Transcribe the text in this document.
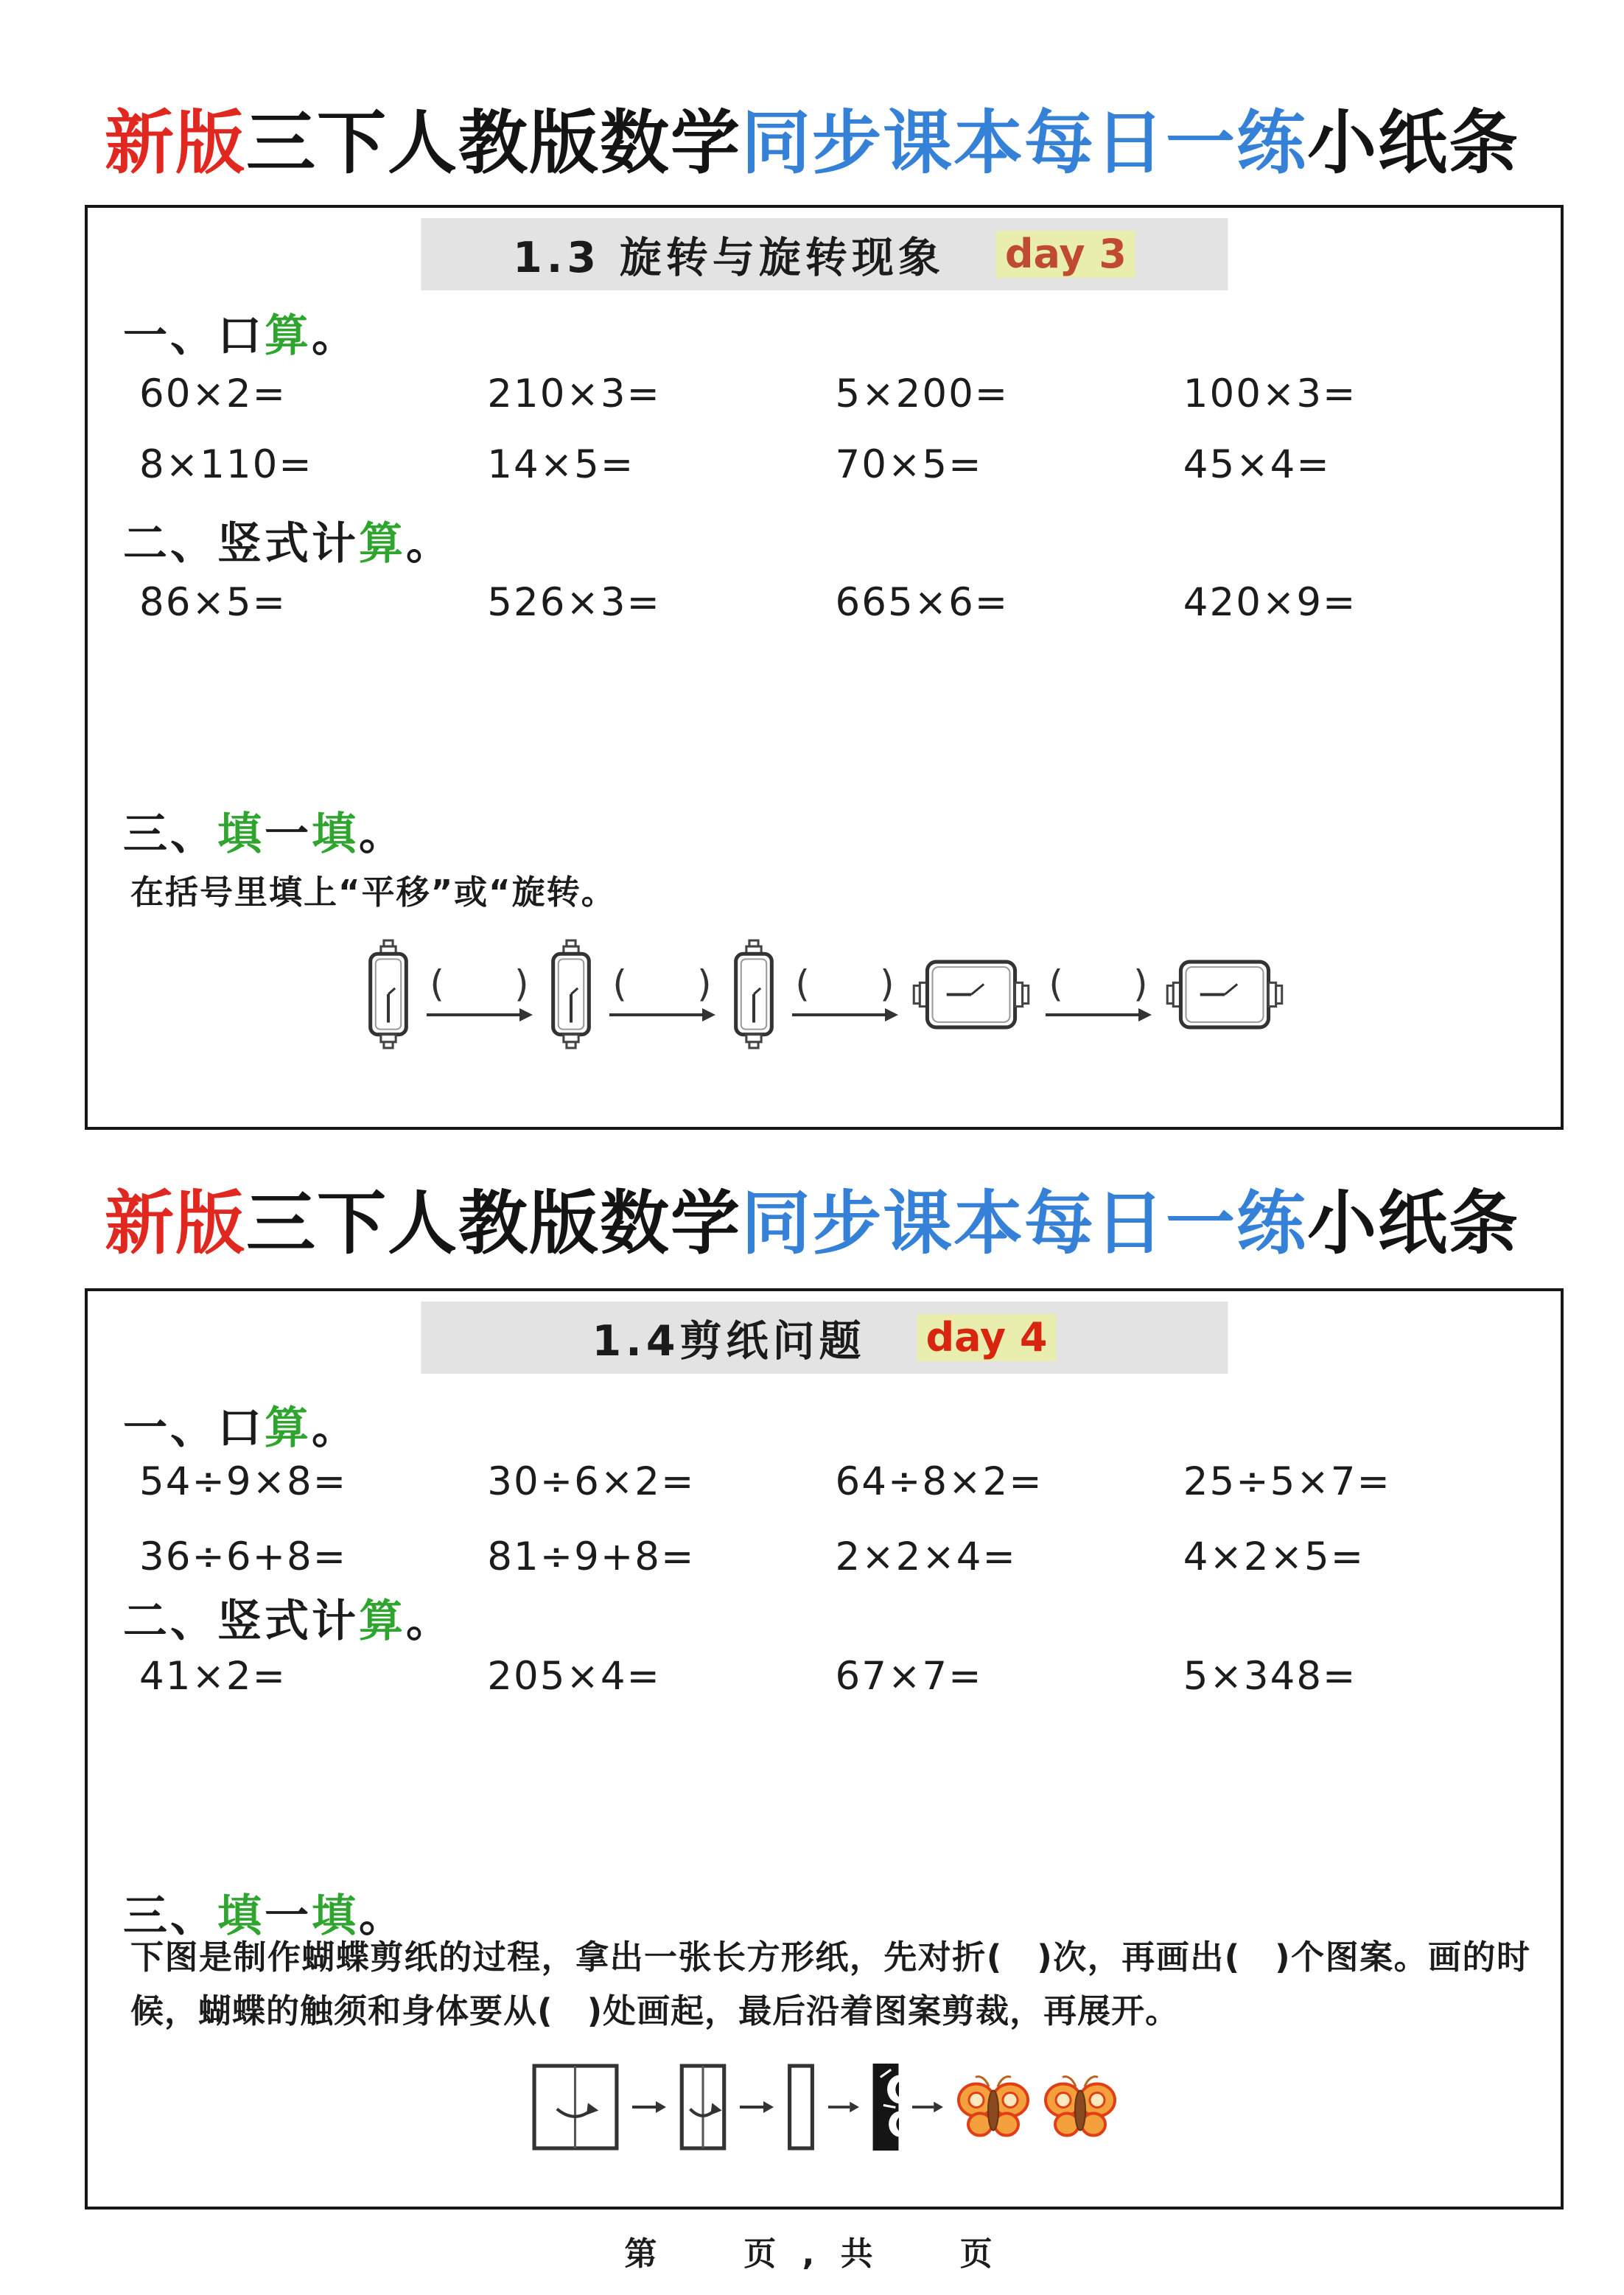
新版三下人教版数学同步课本每日一练小纸条
1.3 旋转与旋转现象 day 3
一、口算。
60×2=	210×3=	5×200=	100×3=
8×110=	14×5=	70×5=	45×4=
二、竖式计算。
86×5=	526×3=	665×6=	420×9=
三、填一填。
在括号里填上“平移”或“旋转。
(      ) (      ) (      )	(      )
新版三下人教版数学同步课本每日一练小纸条
1.4剪纸问题 day 4
一、口算。
54÷9×8=	30÷6×2=	64÷8×2=	25÷5×7=
36÷6+8=	81÷9+8=	2×2×4=	4×2×5=
二、竖式计算。
41×2=	205×4=	67×7=	5×348=
三、填一填。
下图是制作蝴蝶剪纸的过程，拿出一张长方形纸，先对折(　)次，再画出(　)个图案。画的时候，蝴蝶的触须和身体要从(　)处画起，最后沿着图案剪裁，再展开。
第　　页 , 共　　页
